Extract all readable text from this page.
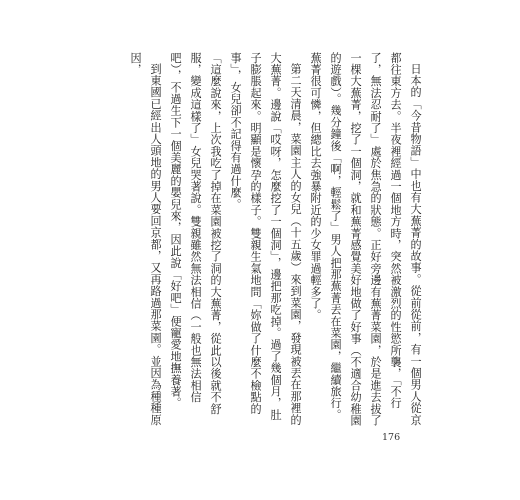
日本的「今昔物語」中也有大蕪菁的故事。從前從前，有一個男人從京都往東方去。半夜裡經過一個地方時，突然被激烈的性慾所襲，「不行了，無法忍耐了」處於焦急的狀態。正好旁邊有蕪菁菜園，於是進去拔了一棵大蕪菁，挖了一個洞，就和蕪菁感覺美好地做了好事（不適合幼稚園的遊戲）。幾分鐘後「啊，輕鬆了」男人把那蕪菁丟在菜園，繼續旅行。蕪菁很可憐，但總比去強暴附近的少女罪過輕多了。

第二天清晨，菜園主人的女兒（十五歲）來到菜園，發現被丟在那裡的大蕪菁。邊說「哎呀，怎麼挖了一個洞」，邊把那吃掉。過了幾個月，肚子膨脹起來。明顯是懷孕的樣子。雙親生氣地問「妳做了什麼不檢點的事」，女兒卻不記得有過什麼。

「這麼說來，上次我吃了掉在菜園被挖了洞的大蕪菁，從此以後就不舒服，變成這樣了」女兒哭著說。雙親雖然無法相信（一般也無法相信吧），不過生下一個美麗的嬰兒來，因此說「好吧」便寵愛地撫養著。

到東國已經出人頭地的男人要回京都，又再路過那菜園。並因為種種原因，

176
